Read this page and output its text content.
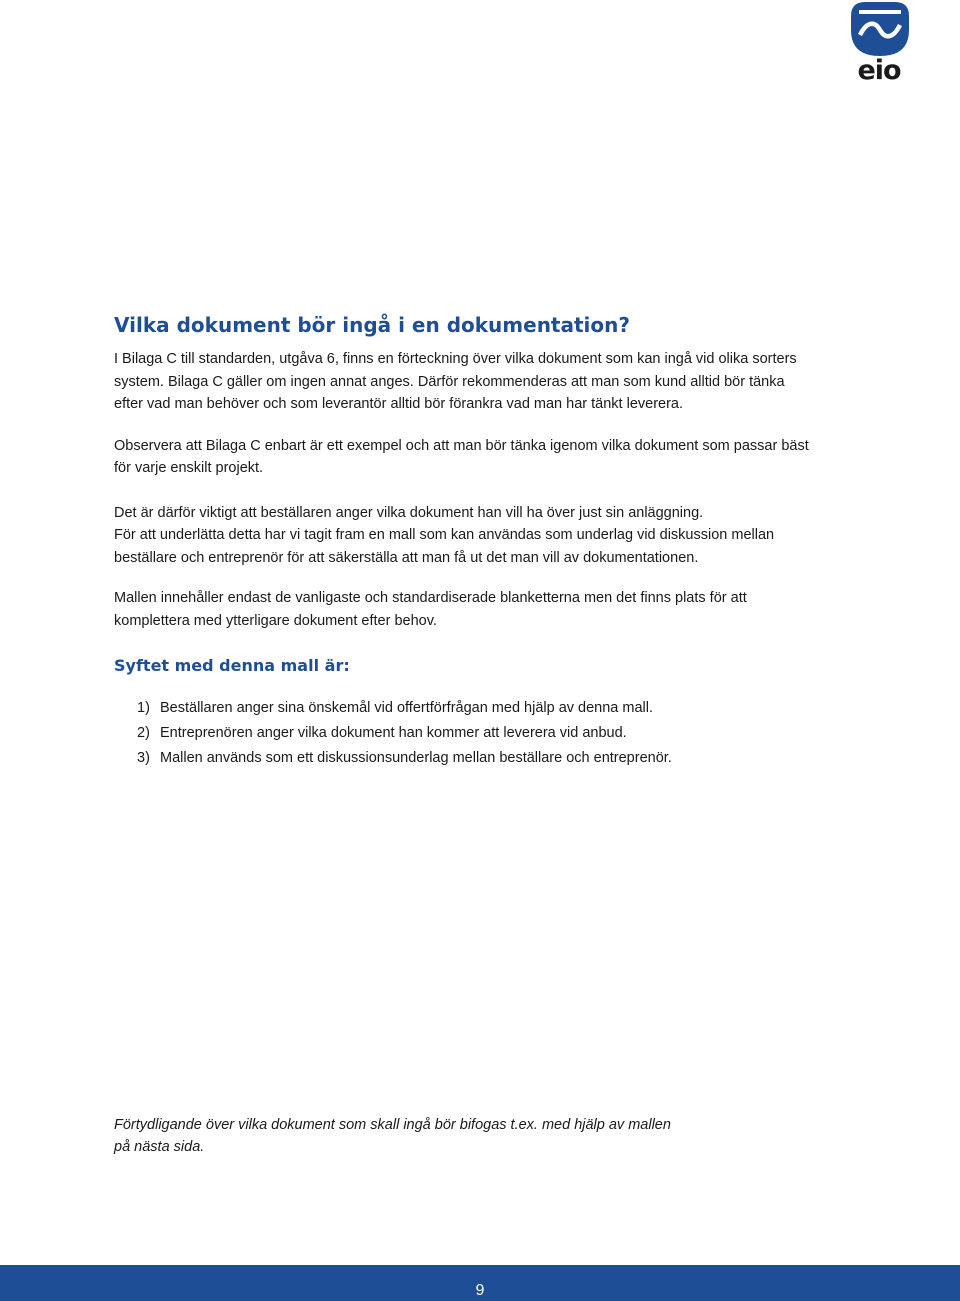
eio
Vilka dokument bör ingå i en dokumentation?

I Bilaga C till standarden, utgåva 6, finns en förteckning över vilka dokument som kan ingå vid olika sorters system. Bilaga C gäller om ingen annat anges. Därför rekommenderas att man som kund alltid bör tänka efter vad man behöver och som leverantör alltid bör förankra vad man har tänkt leverera.

Observera att Bilaga C enbart är ett exempel och att man bör tänka igenom vilka dokument som passar bäst för varje enskilt projekt.

Det är därför viktigt att beställaren anger vilka dokument han vill ha över just sin anläggning.

För att underlätta detta har vi tagit fram en mall som kan användas som underlag vid diskussion mellan beställare och entreprenör för att säkerställa att man få ut det man vill av dokumentationen.

Mallen innehåller endast de vanligaste och standardiserade blanketterna men det finns plats för att komplettera med ytterligare dokument efter behov.

Syftet med denna mall är:
1) Beställaren anger sina önskemål vid offertförfrågan med hjälp av denna mall.
2) Entreprenören anger vilka dokument han kommer att leverera vid anbud.
3) Mallen används som ett diskussionsunderlag mellan beställare och entreprenör.

Förtydligande över vilka dokument som skall ingå bör bifogas t.ex. med hjälp av mallen på nästa sida.

9
